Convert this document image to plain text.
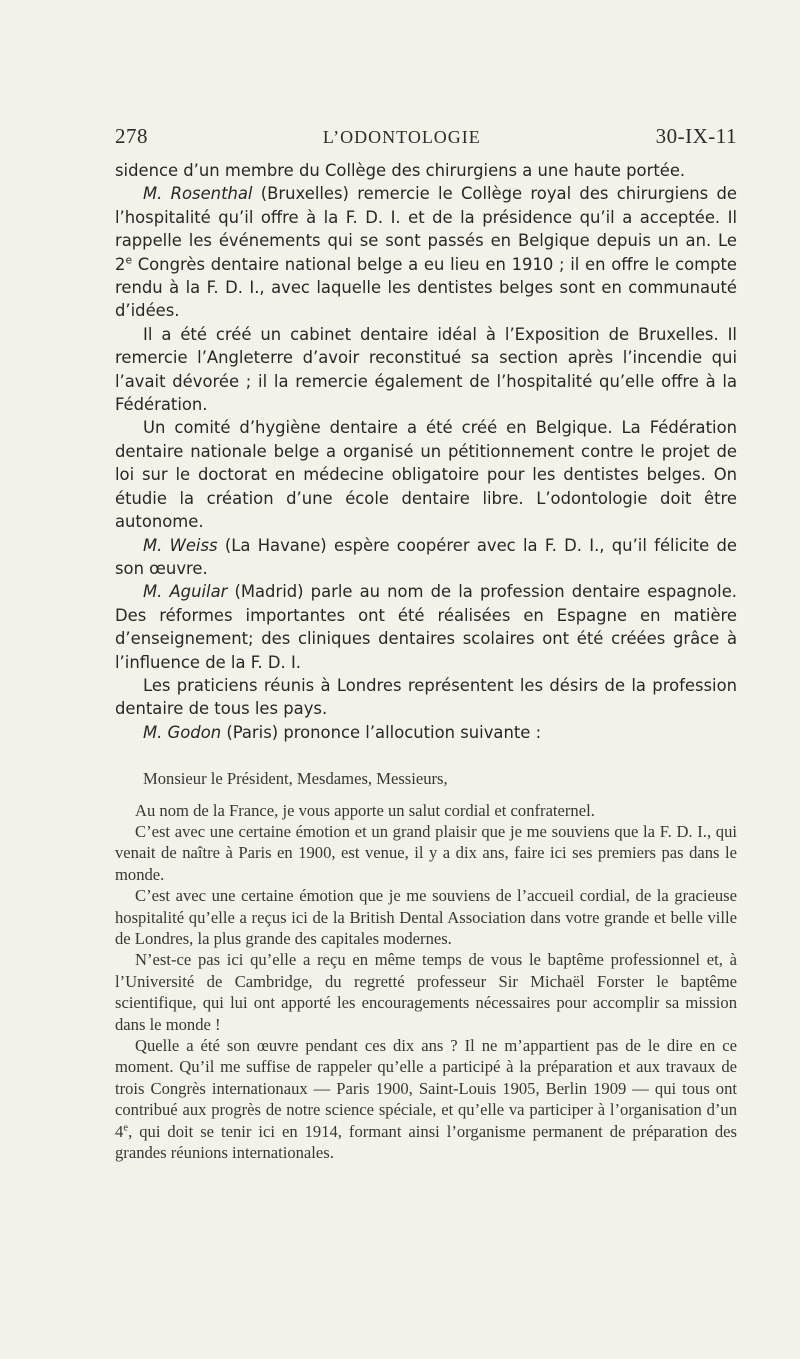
278	L’ODONTOLOGIE	30-IX-11

sidence d’un membre du Collège des chirurgiens a une haute portée.

M. Rosenthal (Bruxelles) remercie le Collège royal des chirurgiens de l’hospitalité qu’il offre à la F. D. I. et de la présidence qu’il a acceptée. Il rappelle les événements qui se sont passés en Belgique depuis un an. Le 2e Congrès dentaire national belge a eu lieu en 1910 ; il en offre le compte rendu à la F. D. I., avec laquelle les dentistes belges sont en communauté d’idées.

Il a été créé un cabinet dentaire idéal à l’Exposition de Bruxelles. Il remercie l’Angleterre d’avoir reconstitué sa section après l’incendie qui l’avait dévorée ; il la remercie également de l’hospitalité qu’elle offre à la Fédération.

Un comité d’hygiène dentaire a été créé en Belgique. La Fédération dentaire nationale belge a organisé un pétitionnement contre le projet de loi sur le doctorat en médecine obligatoire pour les dentistes belges. On étudie la création d’une école dentaire libre. L’odontologie doit être autonome.

M. Weiss (La Havane) espère coopérer avec la F. D. I., qu’il félicite de son œuvre.

M. Aguilar (Madrid) parle au nom de la profession dentaire espagnole. Des réformes importantes ont été réalisées en Espagne en matière d’enseignement; des cliniques dentaires scolaires ont été créées grâce à l’influence de la F. D. I.

Les praticiens réunis à Londres représentent les désirs de la profession dentaire de tous les pays.

M. Godon (Paris) prononce l’allocution suivante :

Monsieur le Président, Mesdames, Messieurs,

Au nom de la France, je vous apporte un salut cordial et confraternel.

C’est avec une certaine émotion et un grand plaisir que je me souviens que la F. D. I., qui venait de naître à Paris en 1900, est venue, il y a dix ans, faire ici ses premiers pas dans le monde.

C’est avec une certaine émotion que je me souviens de l’accueil cordial, de la gracieuse hospitalité qu’elle a reçus ici de la British Dental Association dans votre grande et belle ville de Londres, la plus grande des capitales modernes.

N’est-ce pas ici qu’elle a reçu en même temps de vous le baptême professionnel et, à l’Université de Cambridge, du regretté professeur Sir Michaël Forster le baptême scientifique, qui lui ont apporté les encouragements nécessaires pour accomplir sa mission dans le monde !

Quelle a été son œuvre pendant ces dix ans ? Il ne m’appartient pas de le dire en ce moment. Qu’il me suffise de rappeler qu’elle a participé à la préparation et aux travaux de trois Congrès internationaux — Paris 1900, Saint-Louis 1905, Berlin 1909 — qui tous ont contribué aux progrès de notre science spéciale, et qu’elle va participer à l’organisation d’un 4e, qui doit se tenir ici en 1914, formant ainsi l’organisme permanent de préparation des grandes réunions internationales.
